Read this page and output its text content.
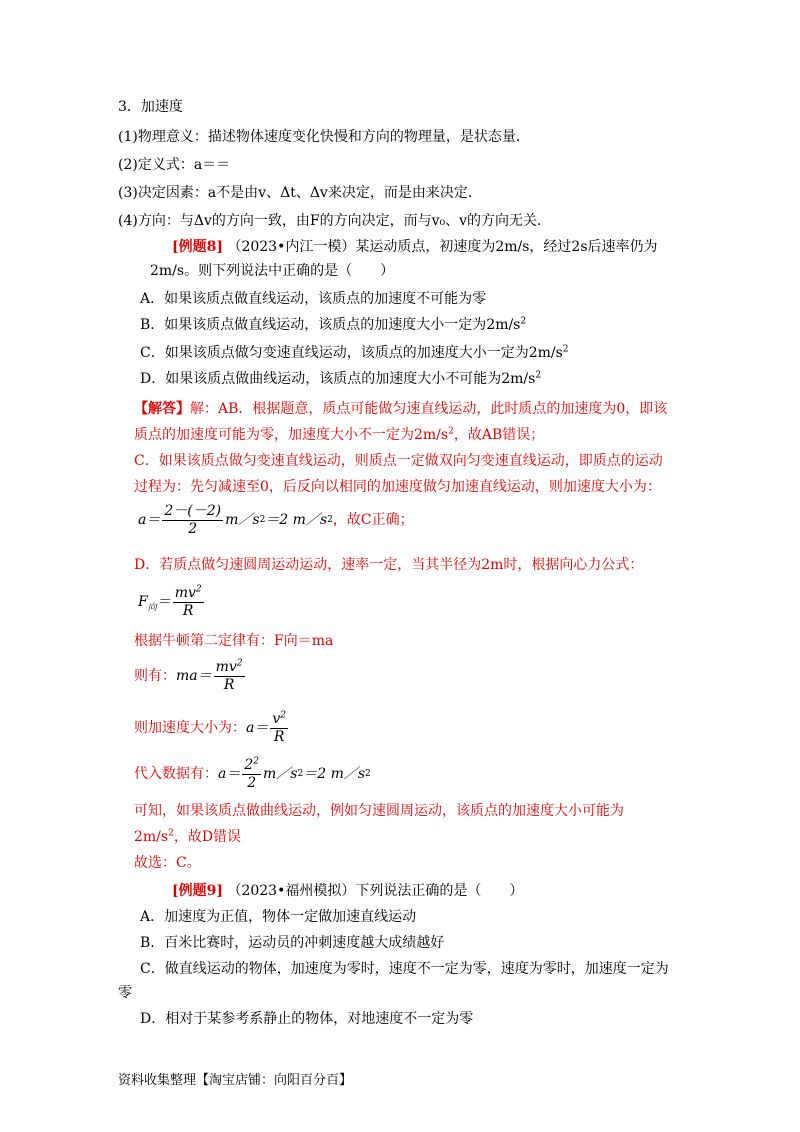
3．加速度
(1)物理意义：描述物体速度变化快慢和方向的物理量，是状态量．
(2)定义式：a＝＝
(3)决定因素：a不是由v、Δt、Δv来决定，而是由来决定．
(4)方向：与Δv的方向一致，由F的方向决定，而与v₀、v的方向无关．
[例题8] （2023•内江一模）某运动质点，初速度为2m/s，经过2s后速率仍为
2m/s。则下列说法中正确的是（　　）
A．如果该质点做直线运动，该质点的加速度不可能为零
B．如果该质点做直线运动，该质点的加速度大小一定为$2m/s^2$
C．如果该质点做匀变速直线运动，该质点的加速度大小一定为$2m/s^2$
D．如果该质点做曲线运动，该质点的加速度大小不可能为$2m/s^2$
【解答】解：AB．根据题意，质点可能做匀速直线运动，此时质点的加速度为0，即该
质点的加速度可能为零，加速度大小不一定为$2m/s^2$，故AB错误；
C．如果该质点做匀变速直线运动，则质点一定做双向匀变速直线运动，即质点的运动
过程为：先匀减速至0，后反向以相同的加速度做匀加速直线运动，则加速度大小为：
$a= \frac{2-(-2)}{2}$ m／s 2 ＝2 m／s 2 ，故C正确；
D．若质点做匀速圆周运动运动，速率一定，当其半径为2m时，根据向心力公式：
$F_向= \frac{mv^2}{R}$
根据牛顿第二定律有：F向＝ma
则有： $ma= \frac{mv^2}{R}$
则加速度大小为： $a= \frac{v^2}{R}$
代入数据有： $a= \frac{2^2}{2}$ m／s 2 ＝2 m／s 2
可知，如果该质点做曲线运动，例如匀速圆周运动，该质点的加速度大小可能为
$2m/s^2$，故D错误
故选：C。
[例题9] （2023•福州模拟）下列说法正确的是（　　）
A．加速度为正值，物体一定做加速直线运动
B．百米比赛时，运动员的冲刺速度越大成绩越好
C．做直线运动的物体，加速度为零时，速度不一定为零，速度为零时，加速度一定为
零
D．相对于某参考系静止的物体，对地速度不一定为零
资料收集整理【淘宝店铺：向阳百分百】
